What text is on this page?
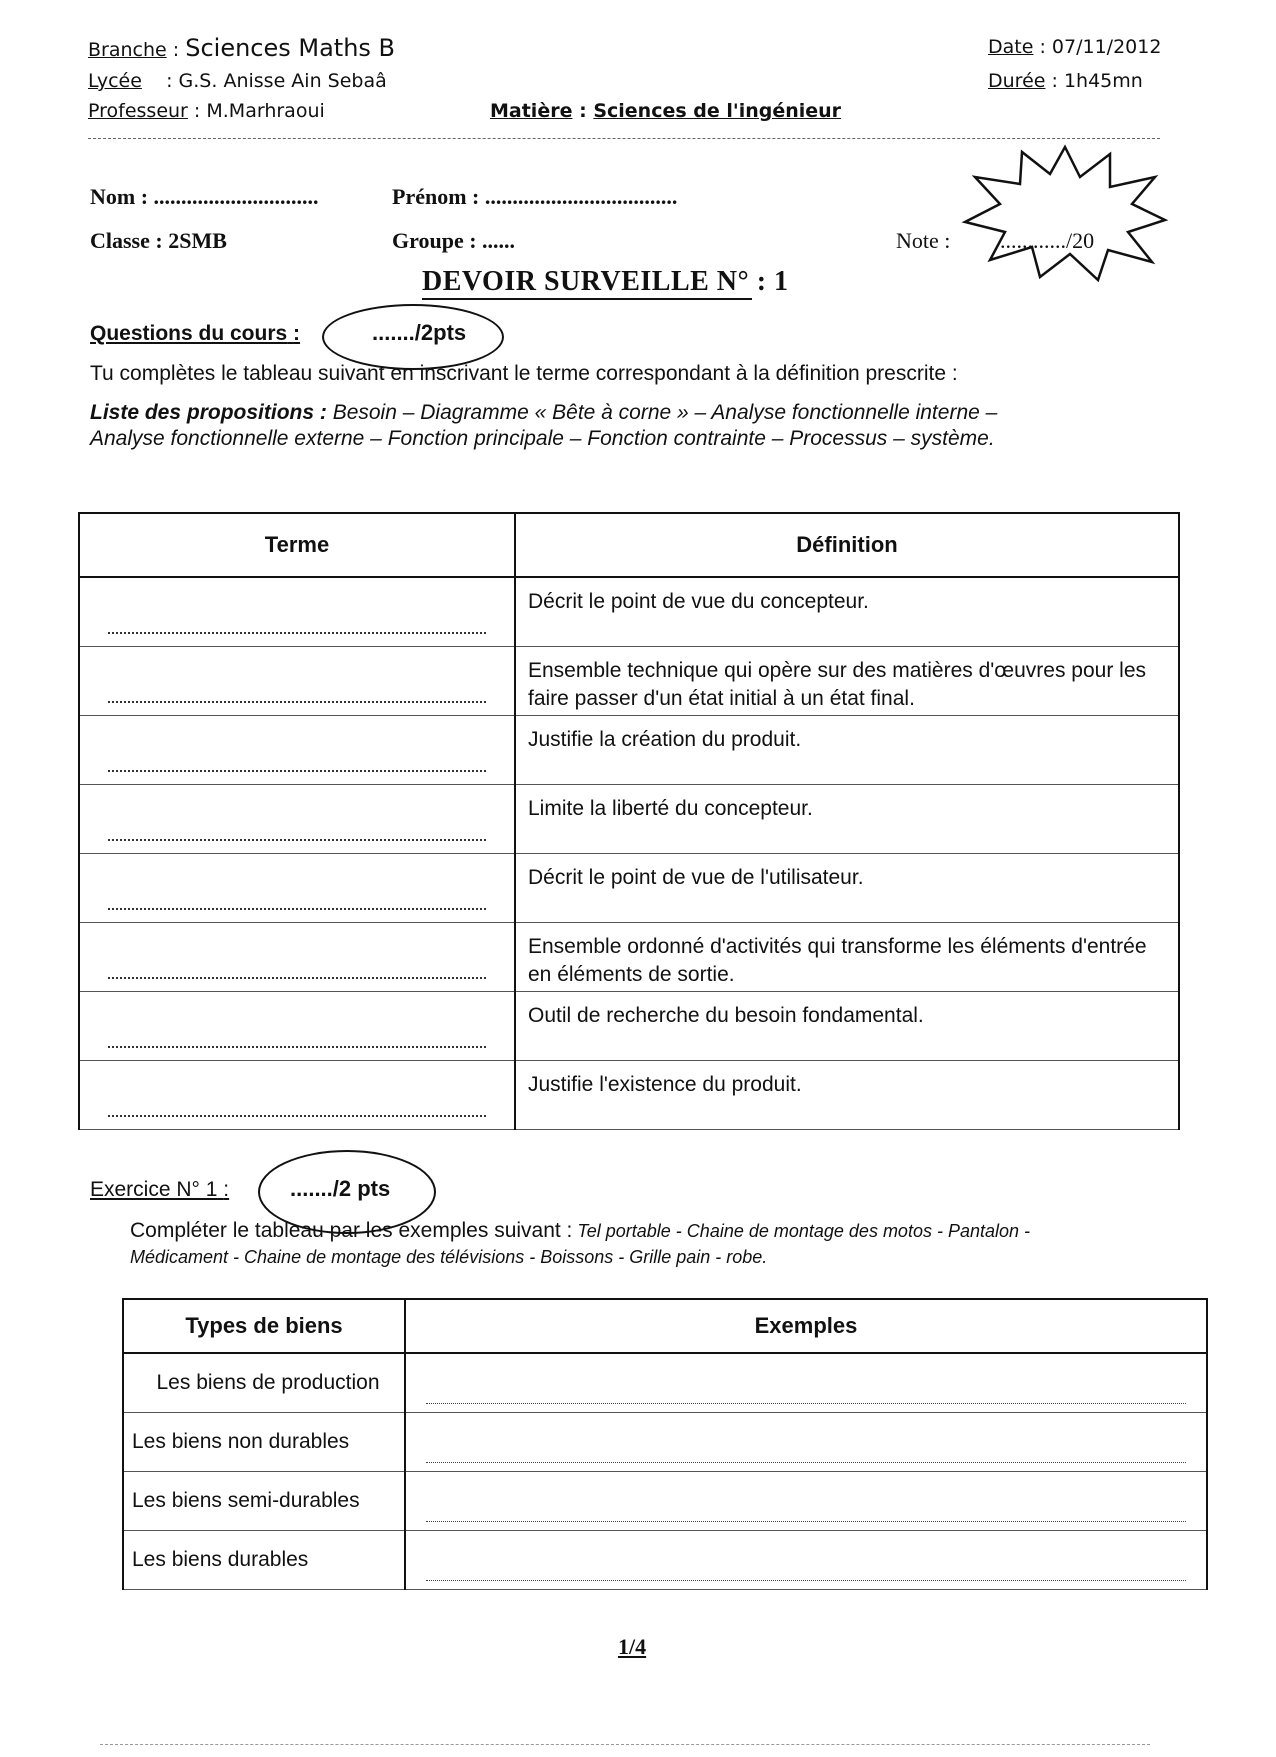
Branche : Sciences Maths B
Lycée : G.S. Anisse Ain Sebaâ
Professeur : M.Marhraoui	Matière : Sciences de l'ingénieur
Date : 07/11/2012
Durée : 1h45mn
Nom : ..............................	Prénom : ...................................
Classe : 2SMB	Groupe : ......	Note : ............/20
DEVOIR SURVEILLE N° : 1
Questions du cours :	......./2pts
Tu complètes le tableau suivant en inscrivant le terme correspondant à la définition prescrite :
Liste des propositions : Besoin – Diagramme « Bête à corne » – Analyse fonctionnelle interne –
Analyse fonctionnelle externe – Fonction principale – Fonction contrainte – Processus – système.
Terme	Définition

	Décrit le point de vue du concepteur.

	Ensemble technique qui opère sur des matières d'œuvres pour les faire passer d'un état initial à un état final.

	Justifie la création du produit.

	Limite la liberté du concepteur.

	Décrit le point de vue de l'utilisateur.

	Ensemble ordonné d'activités qui transforme les éléments d'entrée en éléments de sortie.

	Outil de recherche du besoin fondamental.

	Justifie l'existence du produit.
Exercice N° 1 :	......./2 pts
Compléter le tableau par les exemples suivant : Tel portable - Chaine de montage des motos - Pantalon -
Médicament - Chaine de montage des télévisions - Boissons - Grille pain - robe.
Types de biens	Exemples
Les biens de production	

Les biens non durables	

Les biens semi-durables	

Les biens durables	
1/4
